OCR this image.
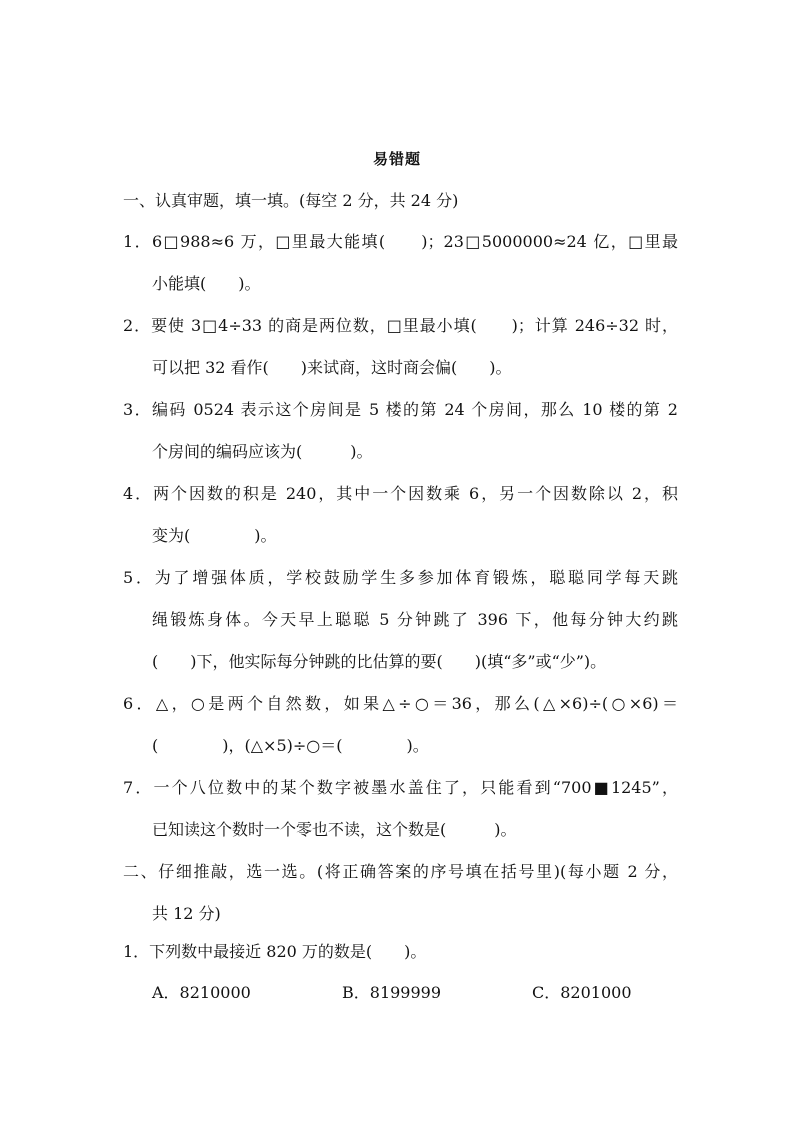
易错题
一、认真审题，填一填。(每空 2 分，共 24 分)
1．6□988≈6 万，□里最大能填(　　)；23□5000000≈24 亿，□里最
小能填(　　)。
2．要使 3□4÷33 的商是两位数，□里最小填(　　)；计算 246÷32 时，
可以把 32 看作(　　)来试商，这时商会偏(　　)。
3．编码 0524 表示这个房间是 5 楼的第 24 个房间，那么 10 楼的第 2
个房间的编码应该为(　　　)。
4．两个因数的积是 240，其中一个因数乘 6，另一个因数除以 2，积
变为(　　　　)。
5．为了增强体质，学校鼓励学生多参加体育锻炼，聪聪同学每天跳
绳锻炼身体。今天早上聪聪 5 分钟跳了 396 下，他每分钟大约跳
(　　)下，他实际每分钟跳的比估算的要(　　)(填“多”或“少”)。
6．△，○是两个自然数，如果△÷○＝36，那么(△×6)÷(○×6)＝
(　　　　)，(△×5)÷○＝(　　　　)。
7．一个八位数中的某个数字被墨水盖住了，只能看到“700■1245”，
已知读这个数时一个零也不读，这个数是(　　　)。
二、仔细推敲，选一选。(将正确答案的序号填在括号里)(每小题 2 分，
共 12 分)
1．下列数中最接近 820 万的数是(　　)。
A．8210000	B．8199999	C．8201000
